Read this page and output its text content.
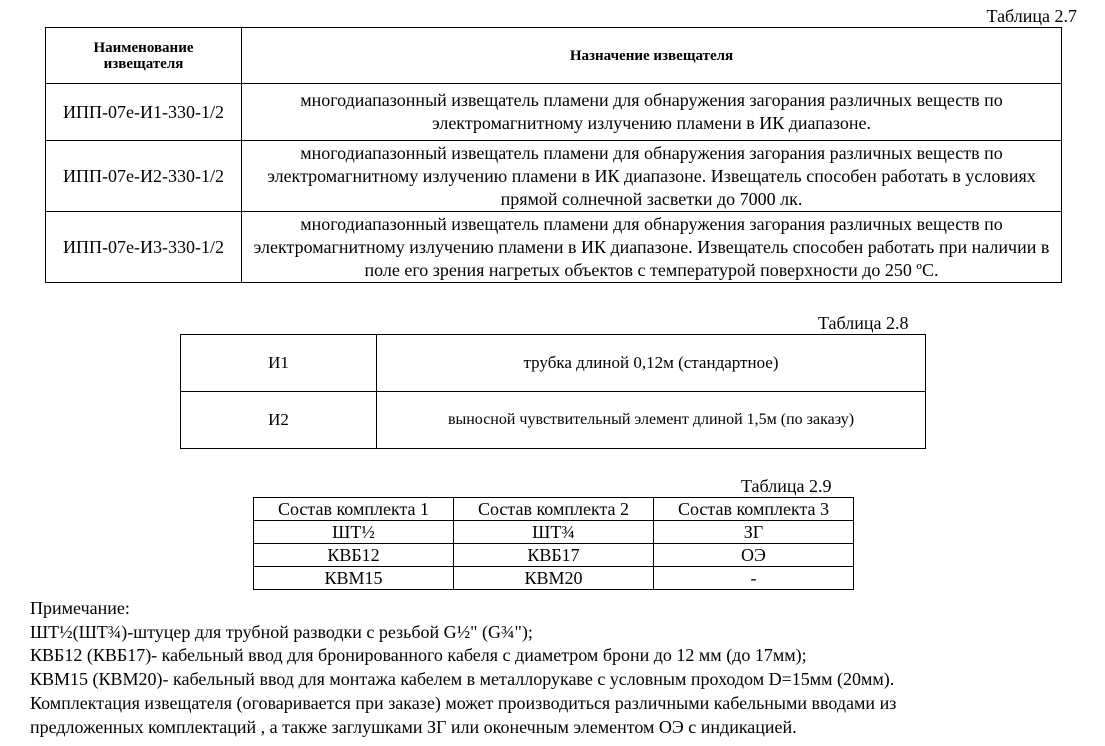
Таблица 2.7
Наименование извещателя	Назначение извещателя
ИПП-07е-И1-330-1/2	многодиапазонный извещатель пламени для обнаружения загорания различных веществ по электромагнитному излучению пламени в ИК диапазоне.
ИПП-07е-И2-330-1/2	многодиапазонный извещатель пламени для обнаружения загорания различных веществ по электромагнитному излучению пламени в ИК диапазоне. Извещатель способен работать в условиях прямой солнечной засветки до 7000 лк.
ИПП-07е-И3-330-1/2	многодиапазонный извещатель пламени для обнаружения загорания различных веществ по электромагнитному излучению пламени в ИК диапазоне. Извещатель способен работать при наличии в поле его зрения нагретых объектов с температурой поверхности до 250 ºС.
Таблица 2.8
И1	трубка длиной 0,12м (стандартное)
И2	выносной чувствительный элемент длиной 1,5м (по заказу)
Таблица 2.9
Состав комплекта 1	Состав комплекта 2	Состав комплекта 3
ШТ½	ШТ¾	ЗГ
КВБ12	КВБ17	ОЭ
КВМ15	КВМ20	-

Примечание:

ШТ½(ШТ¾)-штуцер для трубной разводки с резьбой G½" (G¾");

КВБ12 (КВБ17)- кабельный ввод для бронированного кабеля с диаметром брони до 12 мм (до 17мм);

КВМ15 (КВМ20)- кабельный ввод для монтажа кабелем в металлорукаве с условным проходом D=15мм (20мм).

Комплектация извещателя (оговаривается при заказе) может производиться различными кабельными вводами из

предложенных комплектаций , а также заглушками ЗГ или оконечным элементом ОЭ с индикацией.
